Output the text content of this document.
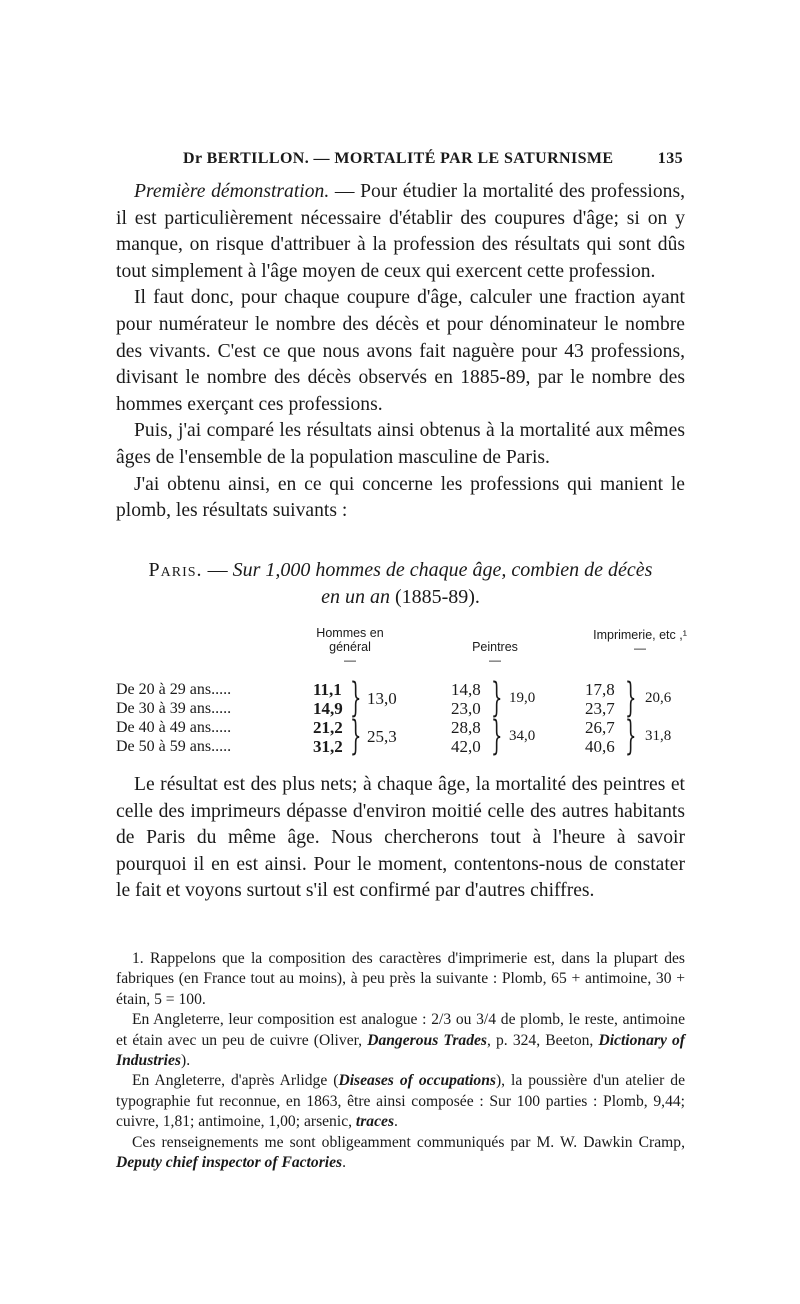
Dr BERTILLON. — MORTALITÉ PAR LE SATURNISME	135

Première démonstration. — Pour étudier la mortalité des professions, il est particulièrement nécessaire d'établir des coupures d'âge; si on y manque, on risque d'attribuer à la profession des résultats qui sont dûs tout simplement à l'âge moyen de ceux qui exercent cette profession.

Il faut donc, pour chaque coupure d'âge, calculer une fraction ayant pour numérateur le nombre des décès et pour dénominateur le nombre des vivants. C'est ce que nous avons fait naguère pour 43 professions, divisant le nombre des décès observés en 1885-89, par le nombre des hommes exerçant ces professions.

Puis, j'ai comparé les résultats ainsi obtenus à la mortalité aux mêmes âges de l'ensemble de la population masculine de Paris.

J'ai obtenu ainsi, en ce qui concerne les professions qui manient le plomb, les résultats suivants :

Paris. — Sur 1,000 hommes de chaque âge, combien de décès
en un an (1885-89).
Hommes en général
—
Peintres
—
Imprimerie, etc ,¹
—
De 20 à 29 ans.....
De 30 à 39 ans.....
De 40 à 49 ans.....
De 50 à 59 ans.....
11,1
14,9
21,2
31,2
}
}
13,0
25,3
14,8
23,0
28,8
42,0
}
}
19,0
34,0
17,8
23,7
26,7
40,6
}
}
20,6
31,8

Le résultat est des plus nets; à chaque âge, la mortalité des peintres et celle des imprimeurs dépasse d'environ moitié celle des autres habitants de Paris du même âge. Nous chercherons tout à l'heure à savoir pourquoi il en est ainsi. Pour le moment, contentons-nous de constater le fait et voyons surtout s'il est confirmé par d'autres chiffres.

1. Rappelons que la composition des caractères d'imprimerie est, dans la plupart des fabriques (en France tout au moins), à peu près la suivante : Plomb, 65 + antimoine, 30 + étain, 5 = 100.

En Angleterre, leur composition est analogue : 2/3 ou 3/4 de plomb, le reste, antimoine et étain avec un peu de cuivre (Oliver, Dangerous Trades, p. 324, Beeton, Dictionary of Industries).

En Angleterre, d'après Arlidge (Diseases of occupations), la poussière d'un atelier de typographie fut reconnue, en 1863, être ainsi composée : Sur 100 parties : Plomb, 9,44; cuivre, 1,81; antimoine, 1,00; arsenic, traces.

Ces renseignements me sont obligeamment communiqués par M. W. Dawkin Cramp, Deputy chief inspector of Factories.
